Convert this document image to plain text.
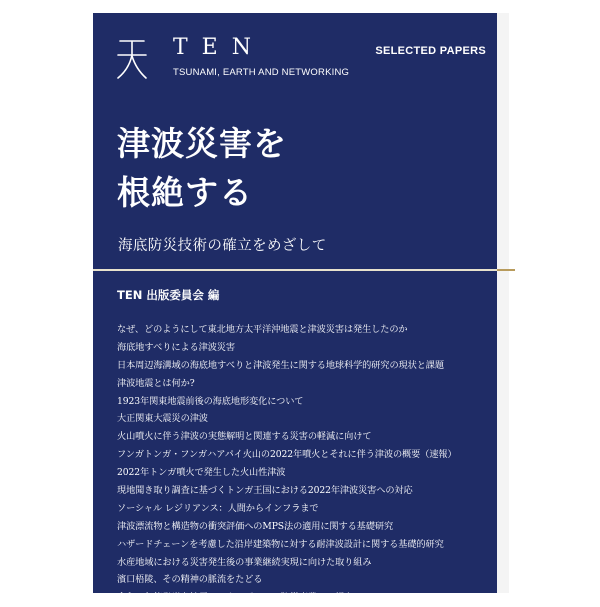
TEN
TSUNAMI, EARTH AND NETWORKING
SELECTED PAPERS
津波災害を
根絶する
海底防災技術の確立をめざして
TEN 出版委員会 編
なぜ、どのようにして東北地方太平洋沖地震と津波災害は発生したのか
海底地すべりによる津波災害
日本周辺海溝域の海底地すべりと津波発生に関する地球科学的研究の現状と課題
津波地震とは何か?
1923年関東地震前後の海底地形変化について
大正関東大震災の津波
火山噴火に伴う津波の実態解明と関連する災害の軽減に向けて
フンガトンガ・フンガハアパイ火山の2022年噴火とそれに伴う津波の概要（速報）
2022年トンガ噴火で発生した火山性津波
現地聞き取り調査に基づくトンガ王国における2022年津波災害への対応
ソーシャル レジリアンス：人間からインフラまで
津波漂流物と構造物の衝突評価へのMPS法の適用に関する基礎研究
ハザードチェーンを考慮した沿岸建築物に対する耐津波設計に関する基礎的研究
水産地域における災害発生後の事業継続実現に向けた取り組み
濱口梧陵、その精神の脈流をたどる
令和６年能登半島地震のメカニズムと、防災事業への提言
